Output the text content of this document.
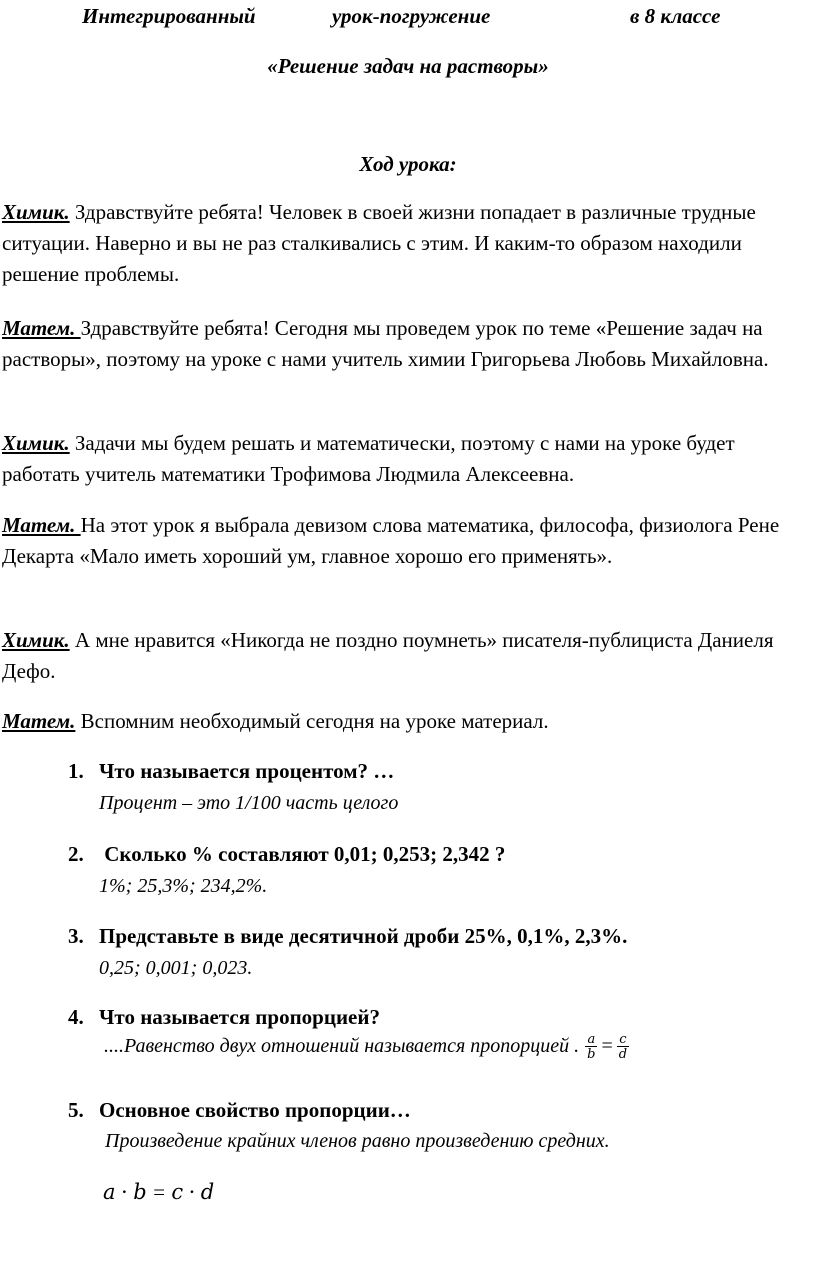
Интегрированный	урок-погружение	в 8 классе
«Решение задач на растворы»
Ход урока:
Химик. Здравствуйте ребята! Человек в своей жизни попадает в различные трудные ситуации. Наверно и вы не раз сталкивались с этим. И каким-то образом находили решение проблемы.
Матем. Здравствуйте ребята! Сегодня мы проведем урок по теме «Решение задач на растворы», поэтому на уроке с нами учитель химии Григорьева Любовь Михайловна.
Химик. Задачи мы будем решать и математически, поэтому с нами на уроке будет работать учитель математики Трофимова Людмила Алексеевна.
Матем. На этот урок я выбрала девизом слова математика, философа, физиолога Рене Декарта «Мало иметь хороший ум, главное хорошо его применять».
Химик. А мне нравится «Никогда не поздно поумнеть» писателя-публициста Даниеля Дефо.
Матем. Вспомним необходимый сегодня на уроке материал.
1. Что называется процентом? …
Процент – это 1/100 часть целого
2. Сколько % составляют 0,01; 0,253; 2,342 ?
1%; 25,3%; 234,2%.
3. Представьте в виде десятичной дроби 25%, 0,1%, 2,3%.
0,25; 0,001; 0,023.
4. Что называется пропорцией?
....Равенство двух отношений называется пропорцией . $\frac{\text{𝑎}}{\text{𝑏}} = \frac{\text{𝑐}}{\text{𝑑}}$
5. Основное свойство пропорции…
Произведение крайних членов равно произведению средних.
𝑎 ⋅ 𝑏 = 𝑐 ⋅ 𝑑
